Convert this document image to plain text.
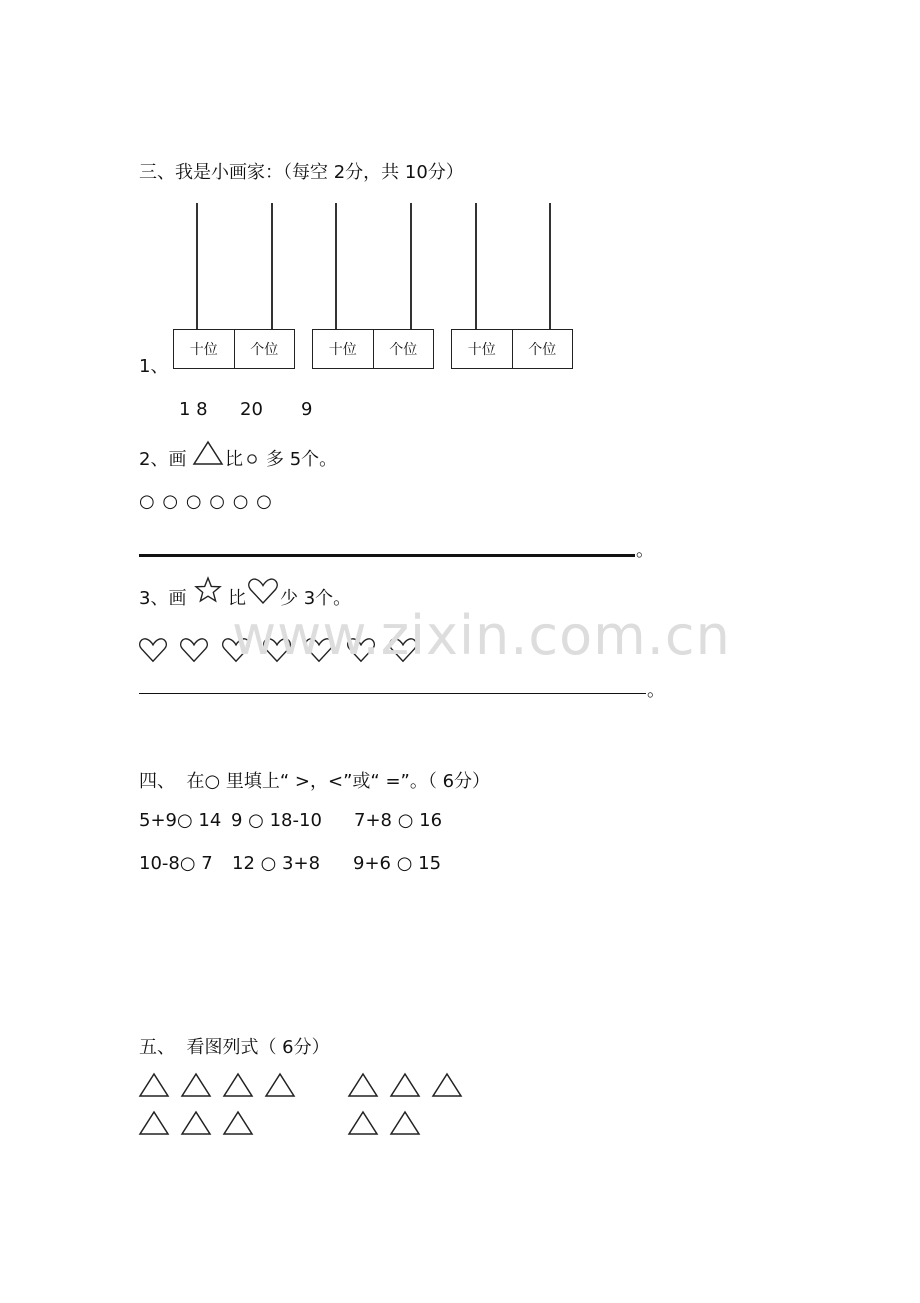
三、我是小画家：（每空 2分，共 10分）
十位	个位	十位	个位	十位	个位
1、
1 8 20 9
2、画 比 多 5个。
○ ○ ○ ○ ○ ○
。
3、画 比 少 3个。
www.zixin.com.cn
。
四、  在○ 里填上“ >，<”或“ =”。（ 6分）
5+9○ 14 9 ○ 18-10 7+8 ○ 16
10-8○ 7 12 ○ 3+8 9+6 ○ 15
五、  看图列式（ 6分）
